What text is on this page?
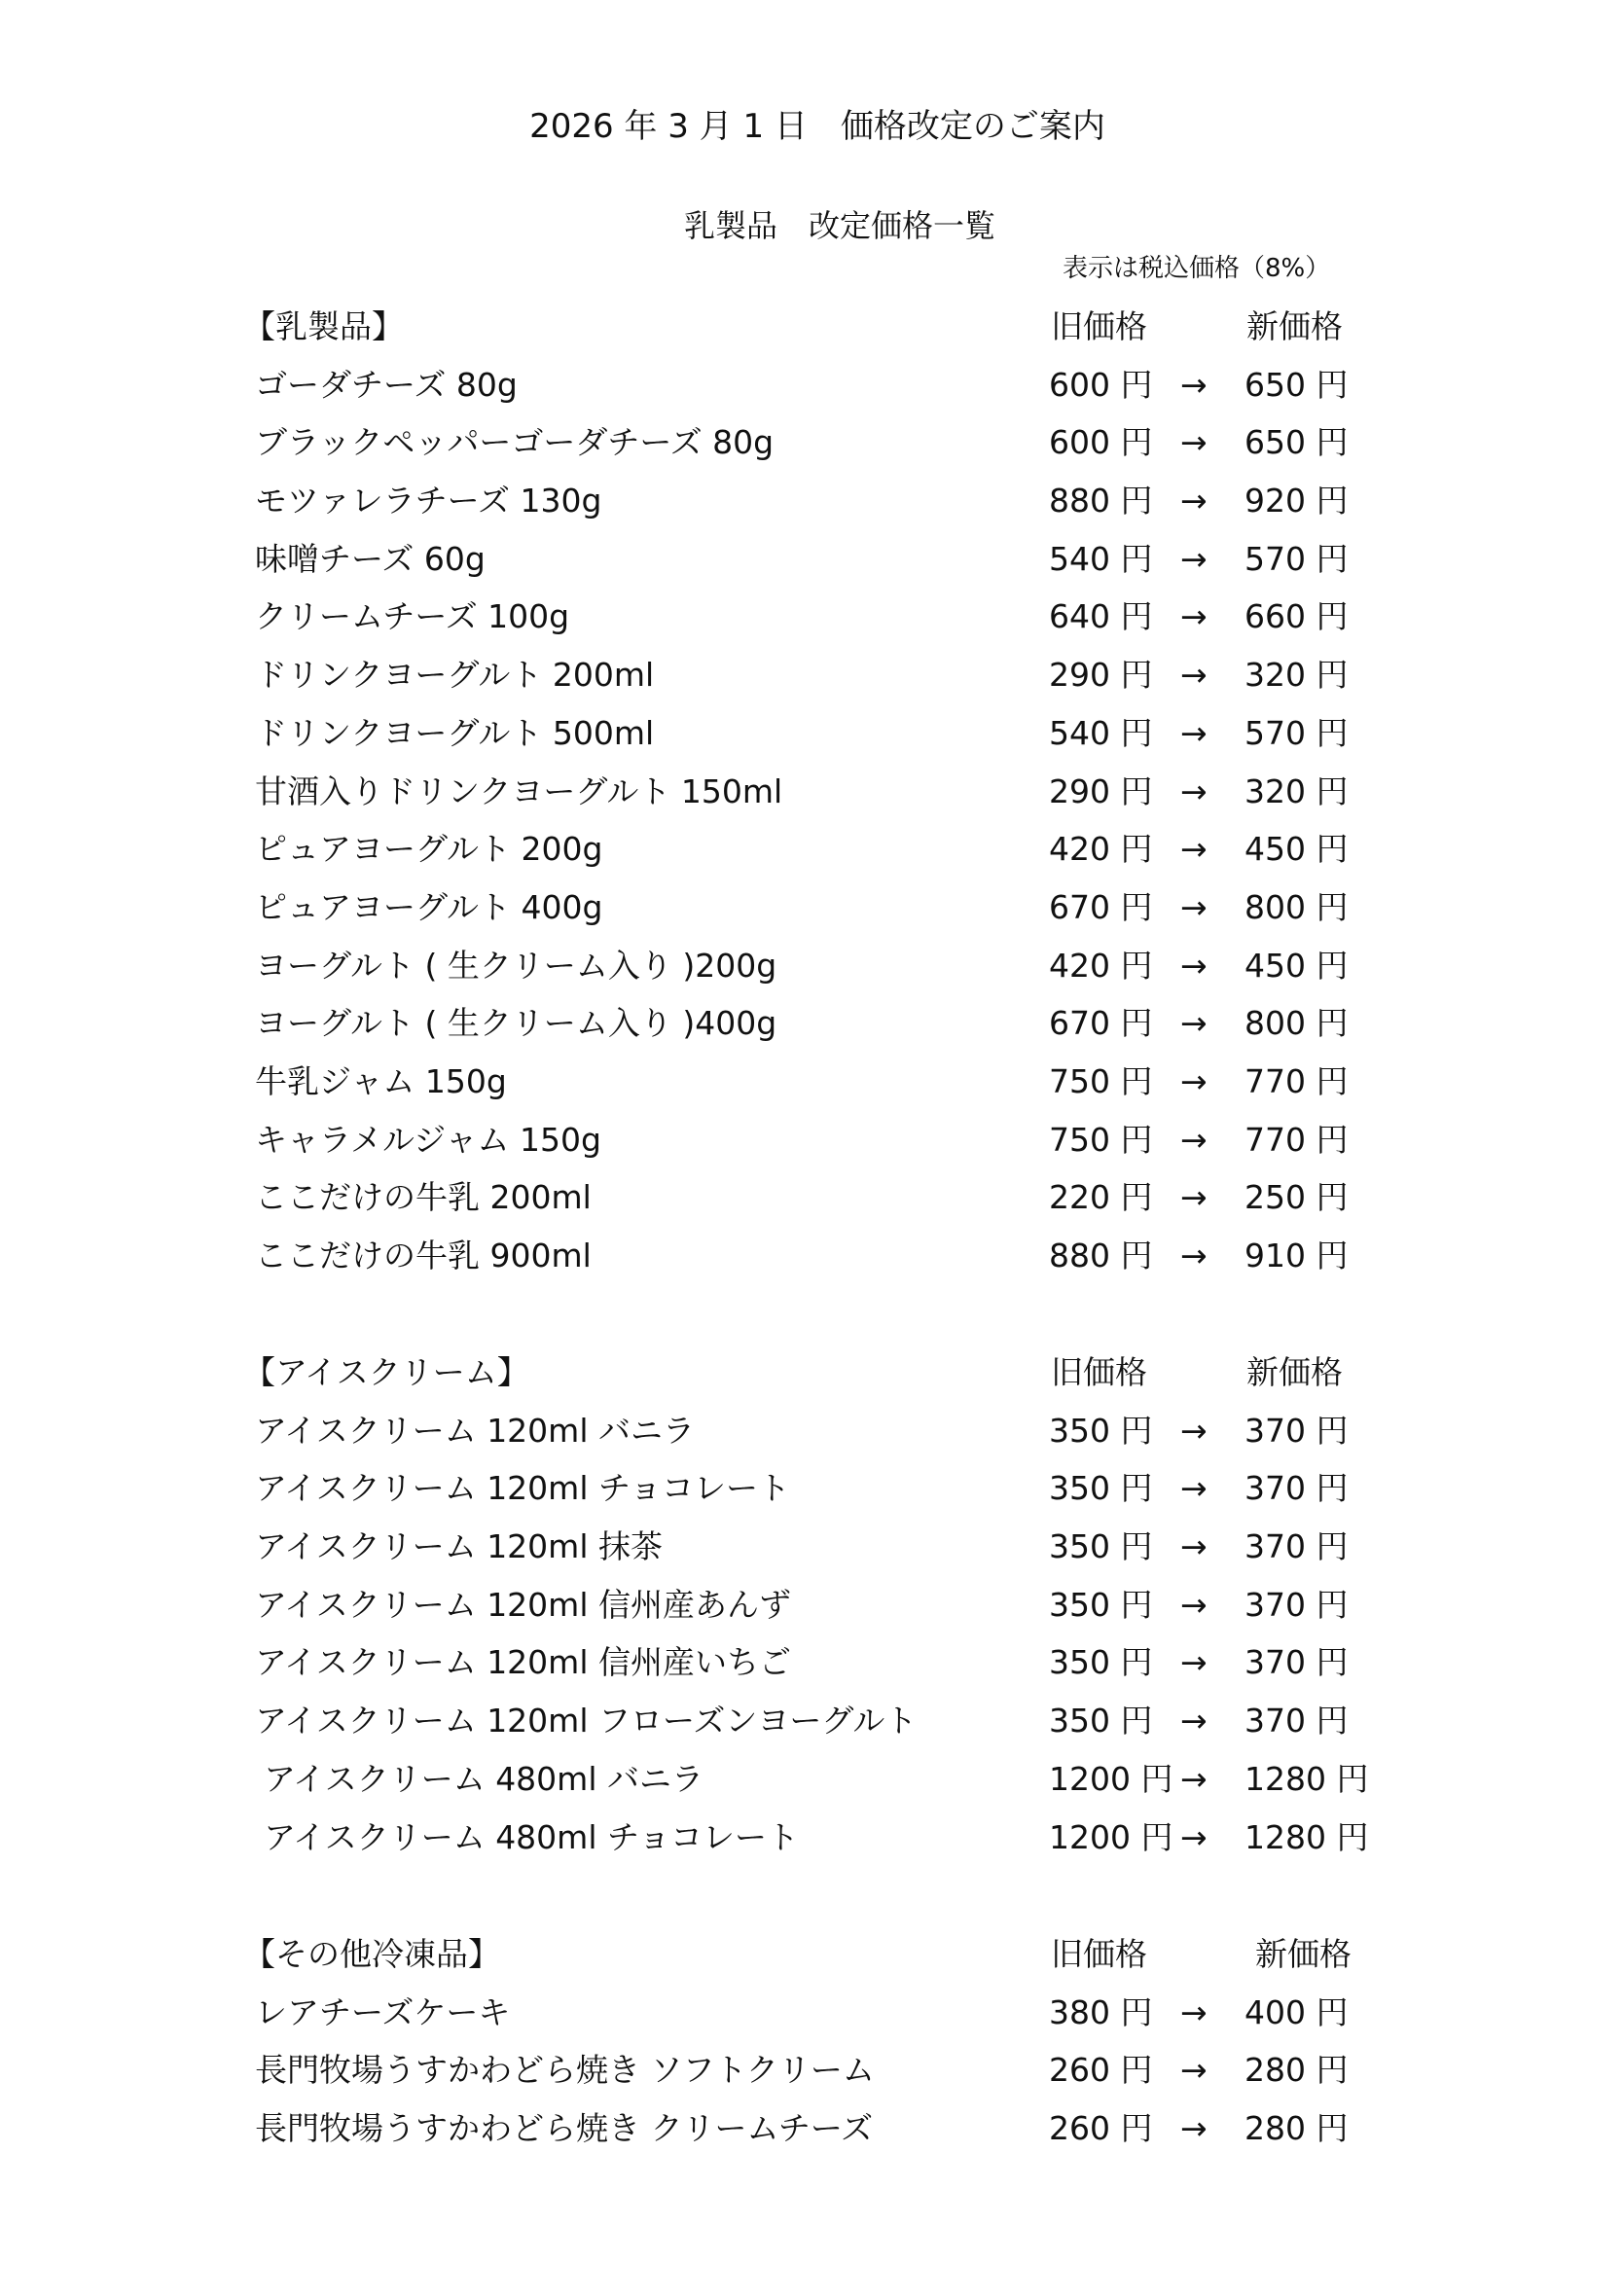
2026 年 3 月 1 日　価格改定のご案内
乳製品　改定価格一覧
表示は税込価格（8%）
【乳製品】	旧価格	新価格
ゴーダチーズ 80g	600 円 → 650 円
ブラックペッパーゴーダチーズ 80g	600 円 → 650 円
モツァレラチーズ 130g	880 円 → 920 円
味噌チーズ 60g	540 円 → 570 円
クリームチーズ 100g	640 円 → 660 円
ドリンクヨーグルト 200ml	290 円 → 320 円
ドリンクヨーグルト 500ml	540 円 → 570 円
甘酒入りドリンクヨーグルト 150ml	290 円 → 320 円
ピュアヨーグルト 200g	420 円 → 450 円
ピュアヨーグルト 400g	670 円 → 800 円
ヨーグルト ( 生クリーム入り )200g	420 円 → 450 円
ヨーグルト ( 生クリーム入り )400g	670 円 → 800 円
牛乳ジャム 150g	750 円 → 770 円
キャラメルジャム 150g	750 円 → 770 円
ここだけの牛乳 200ml	220 円 → 250 円
ここだけの牛乳 900ml	880 円 → 910 円
【アイスクリーム】	旧価格	新価格
アイスクリーム 120ml バニラ	350 円 → 370 円
アイスクリーム 120ml チョコレート	350 円 → 370 円
アイスクリーム 120ml 抹茶	350 円 → 370 円
アイスクリーム 120ml 信州産あんず	350 円 → 370 円
アイスクリーム 120ml 信州産いちご	350 円 → 370 円
アイスクリーム 120ml フローズンヨーグルト	350 円 → 370 円
アイスクリーム 480ml バニラ	1200 円 → 1280 円
アイスクリーム 480ml チョコレート	1200 円 → 1280 円
【その他冷凍品】	旧価格	新価格
レアチーズケーキ	380 円 → 400 円
長門牧場うすかわどら焼き ソフトクリーム	260 円 → 280 円
長門牧場うすかわどら焼き クリームチーズ	260 円 → 280 円
